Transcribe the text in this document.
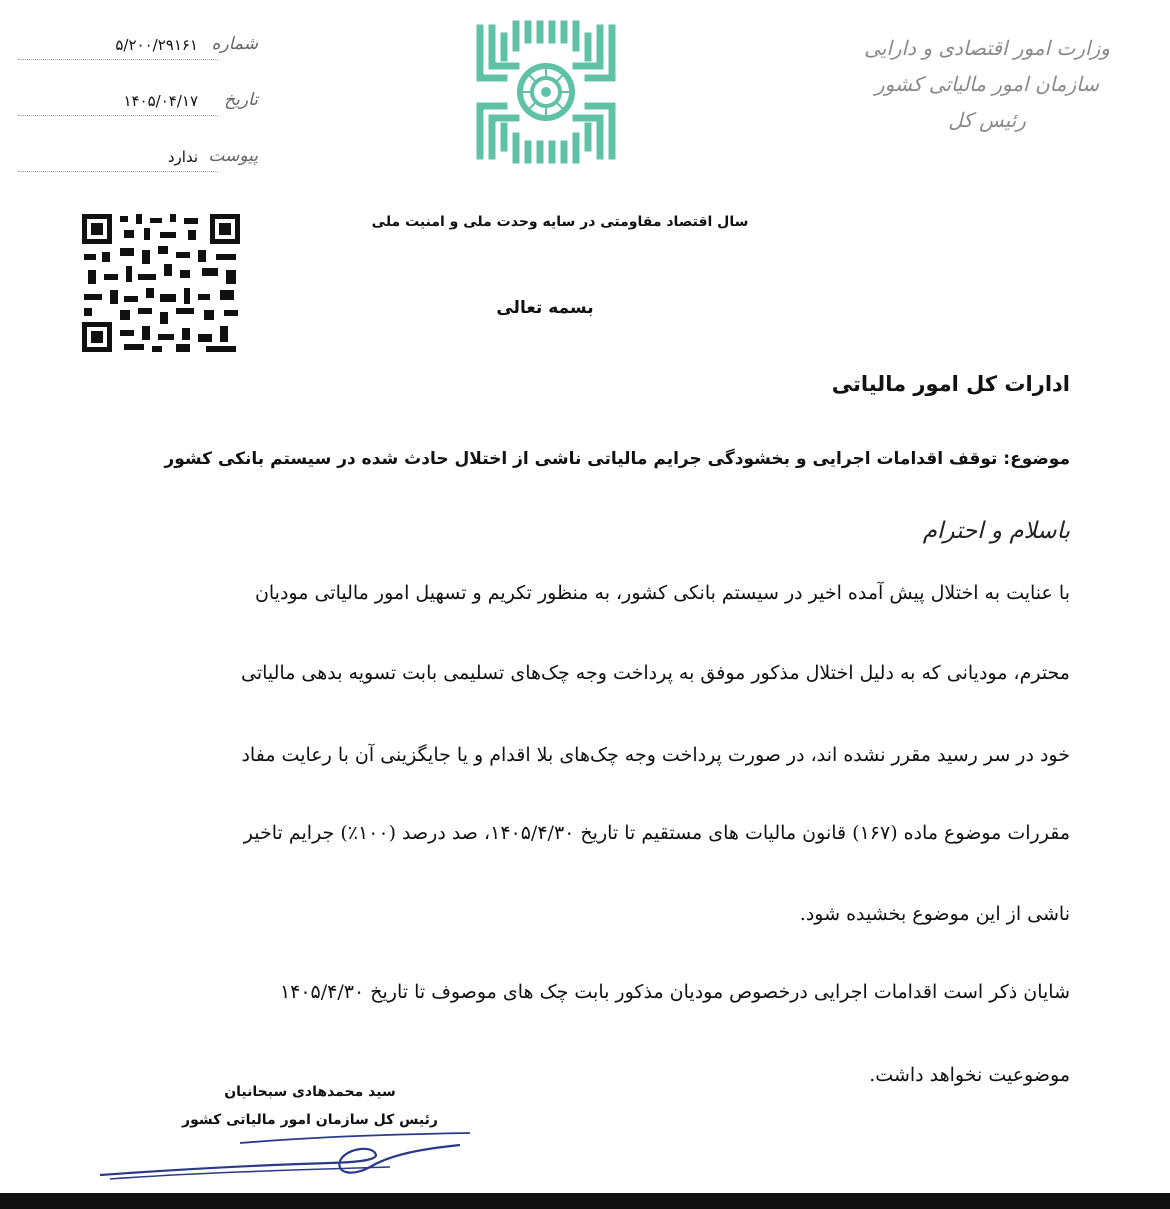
وزارت امور اقتصادی و دارایی
سازمان امور مالیاتی کشور
رئیس کل
شماره
۵/۲۰۰/۲۹۱۶۱
تاریخ
۱۴۰۵/۰۴/۱۷
پیوست
ندارد
سال اقتصاد مقاومتی در سایه وحدت ملی و امنیت ملی
بسمه تعالی
ادارات کل امور مالیاتی
موضوع: توقف اقدامات اجرایی و بخشودگی جرایم مالیاتی ناشی از اختلال حادث شده در سیستم بانکی کشور
باسلام و احترام
با عنایت به اختلال پیش آمده اخیر در سیستم بانکی کشور، به منظور تکریم و تسهیل امور مالیاتی مودیان
محترم، مودیانی که به دلیل اختلال مذکور موفق به پرداخت وجه چک‌های تسلیمی بابت تسویه بدهی مالیاتی
خود در سر رسید مقرر نشده اند، در صورت پرداخت وجه چک‌های بلا اقدام و یا جایگزینی آن با رعایت مفاد
مقررات موضوع ماده (۱۶۷) قانون مالیات های مستقیم تا تاریخ ۱۴۰۵/۴/۳۰، صد درصد (۱۰۰٪) جرایم تاخیر
ناشی از این موضوع بخشیده شود.
شایان ذکر است اقدامات اجرایی درخصوص مودیان مذکور بابت چک های موصوف تا تاریخ ۱۴۰۵/۴/۳۰
موضوعیت نخواهد داشت.
سید محمدهادی سبحانیان
رئیس کل سازمان امور مالیاتی کشور
